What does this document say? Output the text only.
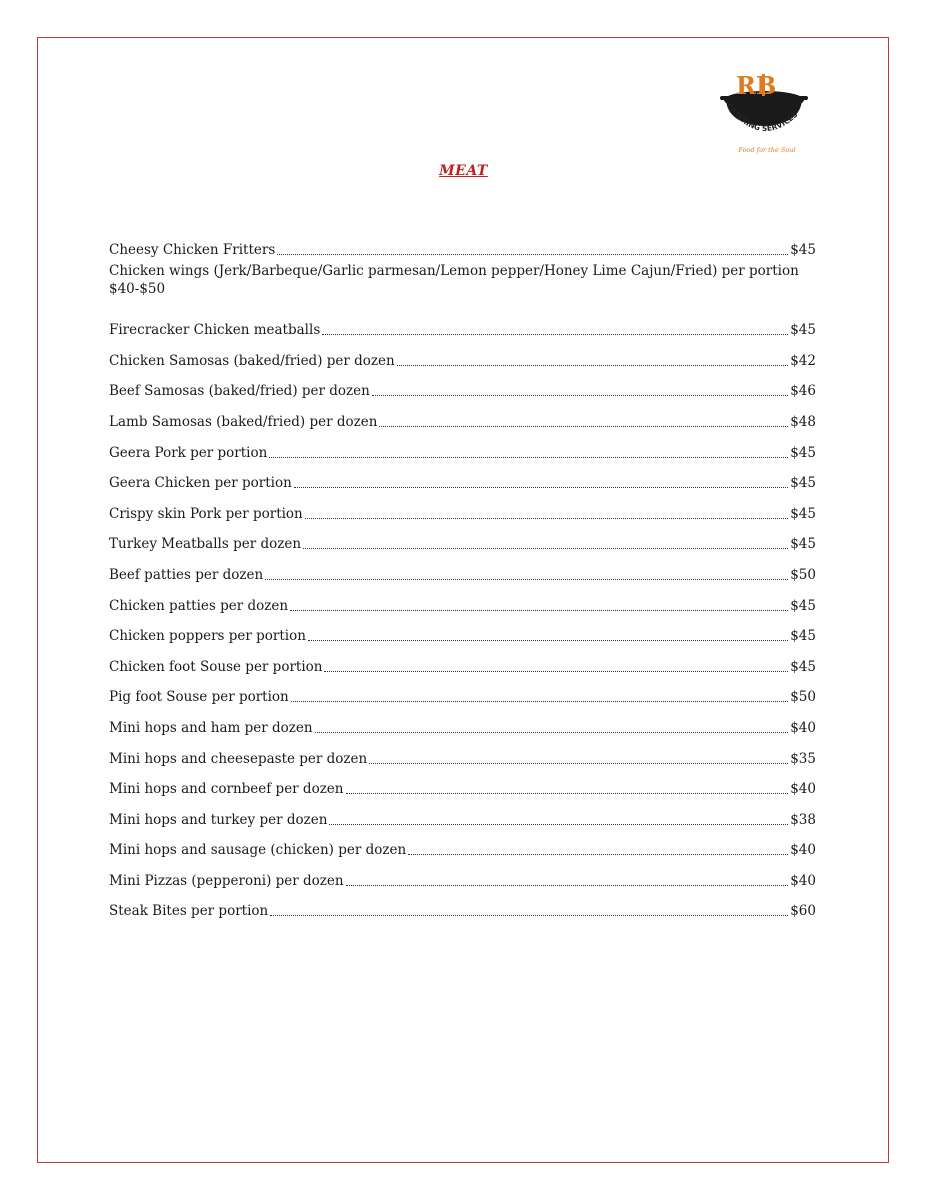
RB
CATERING SERVICES
Food for the Soul
MEAT
Cheesy Chicken Fritters	$45
Chicken wings (Jerk/Barbeque/Garlic parmesan/Lemon pepper/Honey Lime Cajun/Fried) per portion
$40-$50
Firecracker Chicken meatballs	$45
Chicken Samosas (baked/fried) per dozen	$42
Beef Samosas (baked/fried) per dozen	$46
Lamb Samosas (baked/fried) per dozen	$48
Geera Pork per portion	$45
Geera Chicken per portion	$45
Crispy skin Pork per portion	$45
Turkey Meatballs per dozen	$45
Beef patties per dozen	$50
Chicken patties per dozen	$45
Chicken poppers per portion	$45
Chicken foot Souse per portion	$45
Pig foot Souse per portion	$50
Mini hops and ham per dozen	$40
Mini hops and cheesepaste per dozen	$35
Mini hops and cornbeef per dozen	$40
Mini hops and turkey per dozen	$38
Mini hops and sausage (chicken) per dozen	$40
Mini Pizzas (pepperoni) per dozen	$40
Steak Bites per portion	$60
